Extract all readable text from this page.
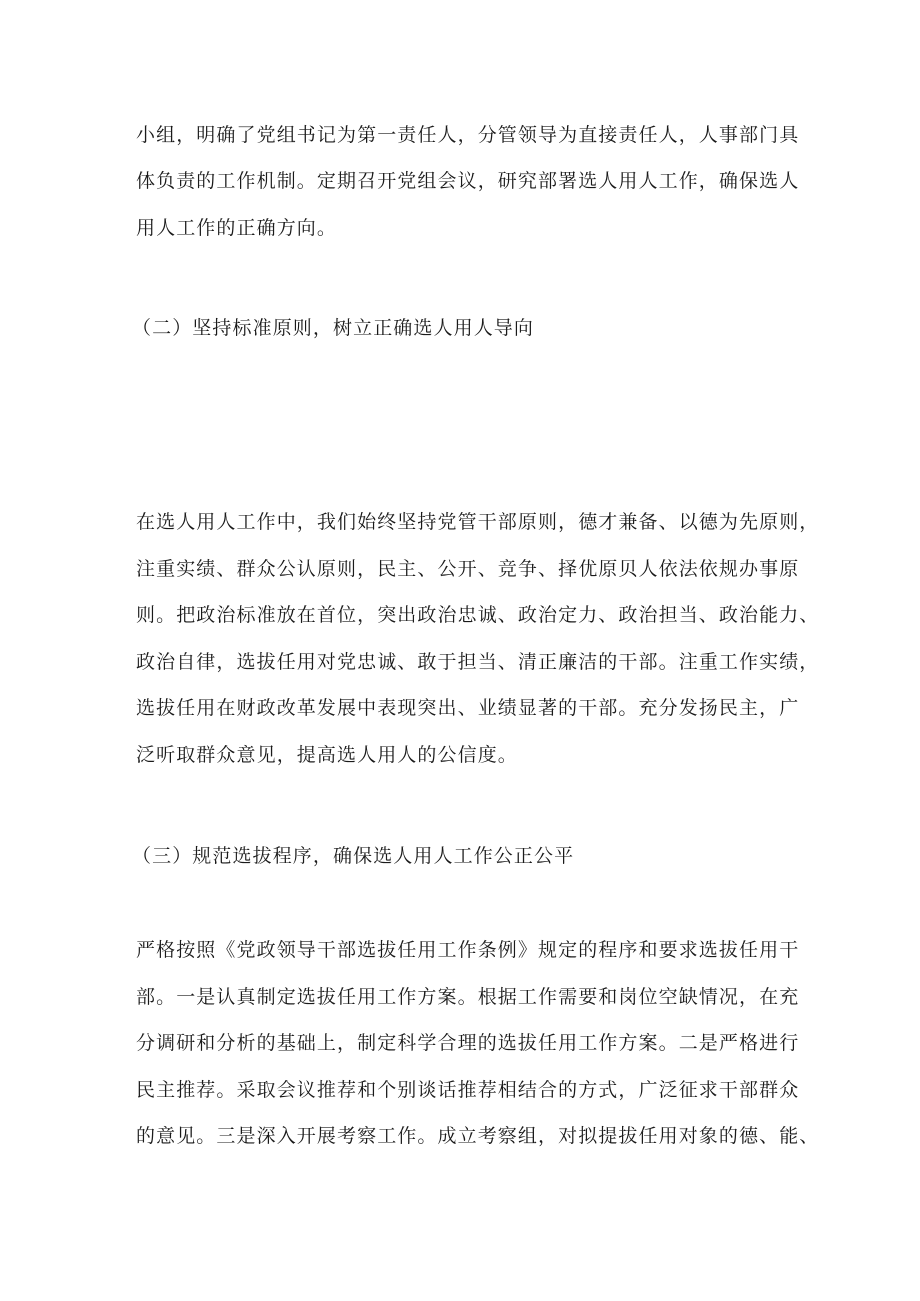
小组，明确了党组书记为第一责任人，分管领导为直接责任人，人事部门具
体负责的工作机制。定期召开党组会议，研究部署选人用人工作，确保选人
用人工作的正确方向。
（二）坚持标准原则，树立正确选人用人导向
在选人用人工作中，我们始终坚持党管干部原则，德才兼备、以德为先原则，
注重实绩、群众公认原则，民主、公开、竞争、择优原贝人依法依规办事原
则。把政治标准放在首位，突出政治忠诚、政治定力、政治担当、政治能力、
政治自律，选拔任用对党忠诚、敢于担当、清正廉洁的干部。注重工作实绩，
选拔任用在财政改革发展中表现突出、业绩显著的干部。充分发扬民主，广
泛听取群众意见，提高选人用人的公信度。
（三）规范选拔程序，确保选人用人工作公正公平
严格按照《党政领导干部选拔任用工作条例》规定的程序和要求选拔任用干
部。一是认真制定选拔任用工作方案。根据工作需要和岗位空缺情况，在充
分调研和分析的基础上，制定科学合理的选拔任用工作方案。二是严格进行
民主推荐。采取会议推荐和个别谈话推荐相结合的方式，广泛征求干部群众
的意见。三是深入开展考察工作。成立考察组，对拟提拔任用对象的德、能、
